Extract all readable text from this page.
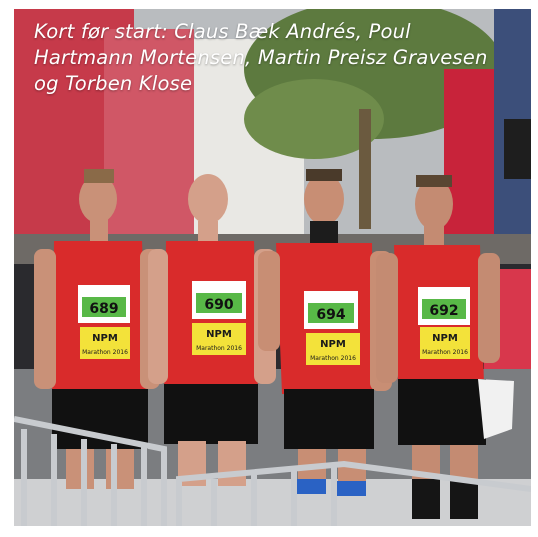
689
NPM
Marathon 2016
690
NPM
Marathon 2016
694
NPM
Marathon 2016
692
NPM
Marathon 2016
Kort før start: Claus Bæk Andrés, Poul Hartmann Mortensen, Martin Preisz Gravesen og Torben Klose
